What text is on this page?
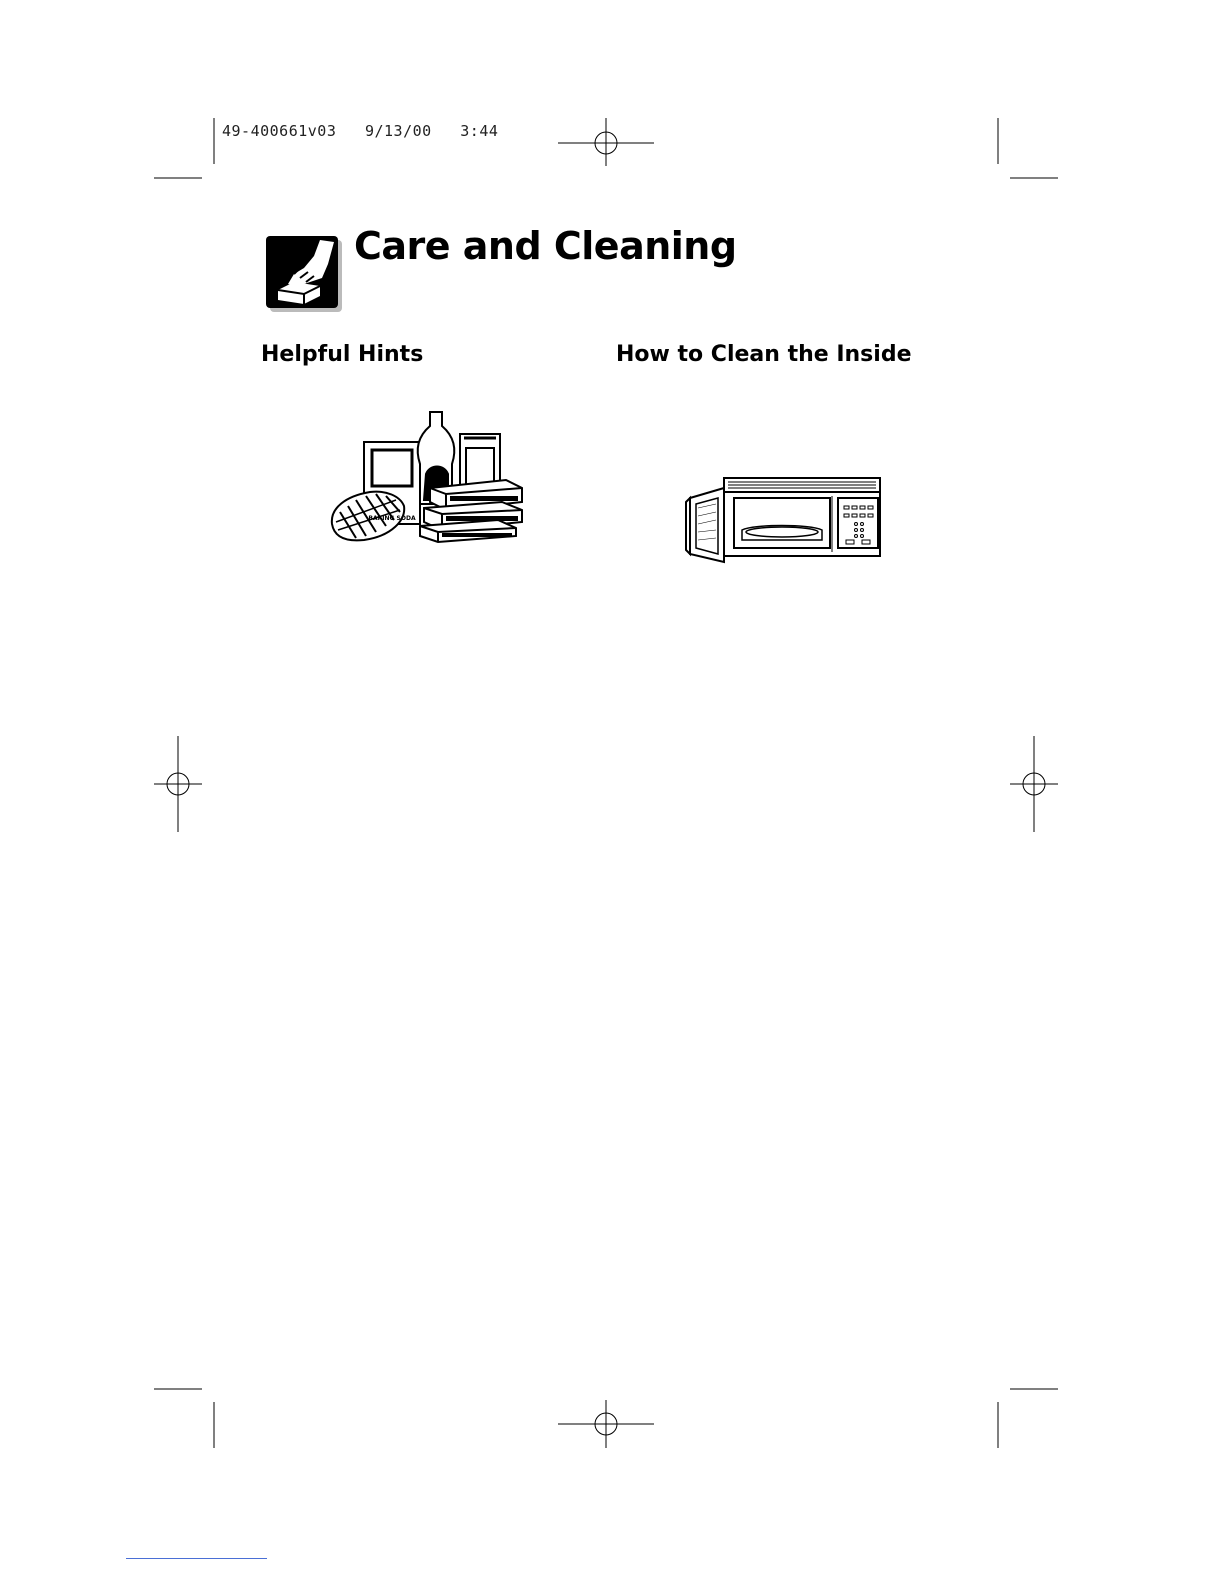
49-400661v03   9/13/00   3:44
Care and Cleaning
Helpful Hints	How to Clean the Inside
BAKING SODA
